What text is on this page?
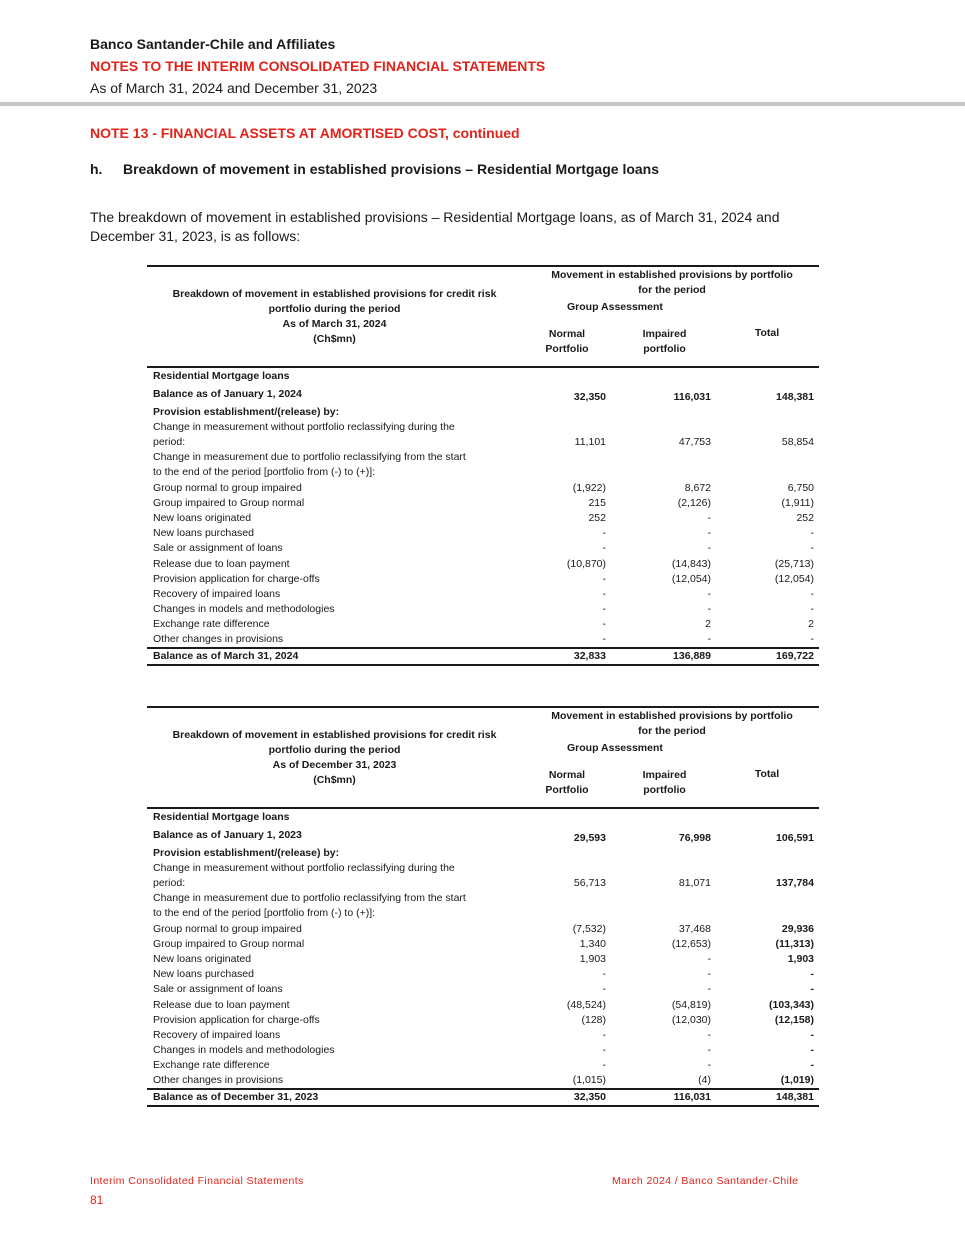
Banco Santander-Chile and Affiliates
NOTES TO THE INTERIM CONSOLIDATED FINANCIAL STATEMENTS
As of March 31, 2024 and December 31, 2023
NOTE 13 - FINANCIAL ASSETS AT AMORTISED COST, continued
h. Breakdown of movement in established provisions – Residential Mortgage loans
The breakdown of movement in established provisions – Residential Mortgage loans, as of March 31, 2024 and December 31, 2023, is as follows:
Breakdown of movement in established provisions for credit risk
portfolio during the period
As of March 31, 2024
(Ch$mn)
Movement in established provisions by portfolio
for the period
Group Assessment
Normal
Portfolio
Impaired
portfolio
Total
Residential Mortgage loans
Balance as of January 1, 2024	32,350	116,031	148,381
Provision establishment/(release) by:
Change in measurement without portfolio reclassifying during the
period:	11,101	47,753	58,854
Change in measurement due to portfolio reclassifying from the start
to the end of the period [portfolio from (-) to (+)]:
Group normal to group impaired	(1,922)	8,672	6,750
Group impaired to Group normal	215	(2,126)	(1,911)
New loans originated	252	-	252
New loans purchased	-	-	-
Sale or assignment of loans	-	-	-
Release due to loan payment	(10,870)	(14,843)	(25,713)
Provision application for charge-offs	-	(12,054)	(12,054)
Recovery of impaired loans	-	-	-
Changes in models and methodologies	-	-	-
Exchange rate difference	-	2	2
Other changes in provisions	-	-	-
Balance as of March 31, 2024	32,833	136,889	169,722
Breakdown of movement in established provisions for credit risk
portfolio during the period
As of December 31, 2023
(Ch$mn)
Movement in established provisions by portfolio
for the period
Group Assessment
Normal
Portfolio
Impaired
portfolio
Total
Residential Mortgage loans
Balance as of January 1, 2023	29,593	76,998	106,591
Provision establishment/(release) by:
Change in measurement without portfolio reclassifying during the
period:	56,713	81,071	137,784
Change in measurement due to portfolio reclassifying from the start
to the end of the period [portfolio from (-) to (+)]:
Group normal to group impaired	(7,532)	37,468	29,936
Group impaired to Group normal	1,340	(12,653)	(11,313)
New loans originated	1,903	-	1,903
New loans purchased	-	-	-
Sale or assignment of loans	-	-	-
Release due to loan payment	(48,524)	(54,819)	(103,343)
Provision application for charge-offs	(128)	(12,030)	(12,158)
Recovery of impaired loans	-	-	-
Changes in models and methodologies	-	-	-
Exchange rate difference	-	-	-
Other changes in provisions	(1,015)	(4)	(1,019)
Balance as of December 31, 2023	32,350	116,031	148,381
Interim Consolidated Financial Statements	March 2024 / Banco Santander-Chile
81
